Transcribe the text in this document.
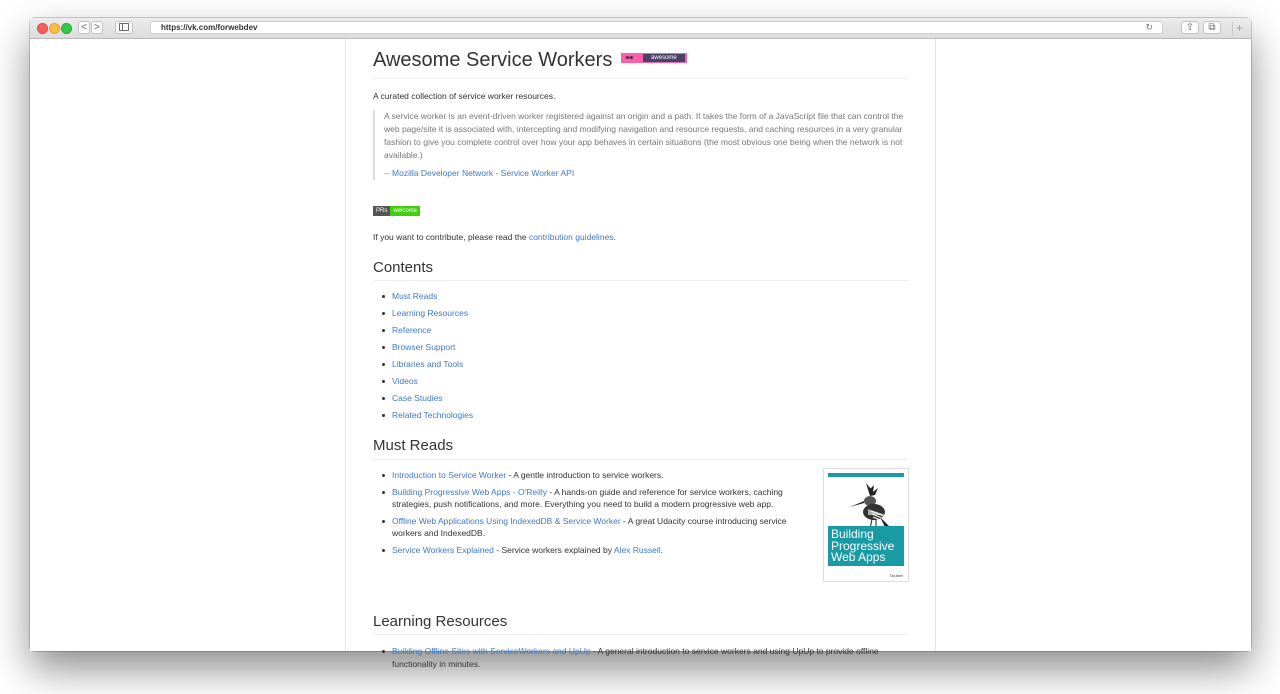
< >	https://vk.com/forwebdev	↻	⇧	⧉	+
Awesome Service Workers 🕶	awesome

A curated collection of service worker resources.

A service worker is an event-driven worker registered against an origin and a path. It takes the form of a JavaScript file that can control the web page/site it is associated with, intercepting and modifying navigation and resource requests, and caching resources in a very granular fashion to give you complete control over how your app behaves in certain situations (the most obvious one being when the network is not available.)
-- Mozilla Developer Network - Service Worker API
PRs	welcome

If you want to contribute, please read the contribution guidelines.

Contents
Must Reads
Learning Resources
Reference
Browser Support
Libraries and Tools
Videos
Case Studies
Related Technologies
Must Reads
Introduction to Service Worker - A gentle introduction to service workers.
Building Progressive Web Apps - O'Reilly - A hands-on guide and reference for service workers, caching strategies, push notifications, and more. Everything you need to build a modern progressive web app.
Offline Web Applications Using IndexedDB & Service Worker - A great Udacity course introducing service workers and IndexedDB.
Service Workers Explained - Service workers explained by Alex Russell.
O'REILLY
Building
Progressive
Web Apps
Tal Ater
Learning Resources
Building Offline Sites with ServiceWorkers and UpUp - A general introduction to service workers and using UpUp to provide offline functionality in minutes.
